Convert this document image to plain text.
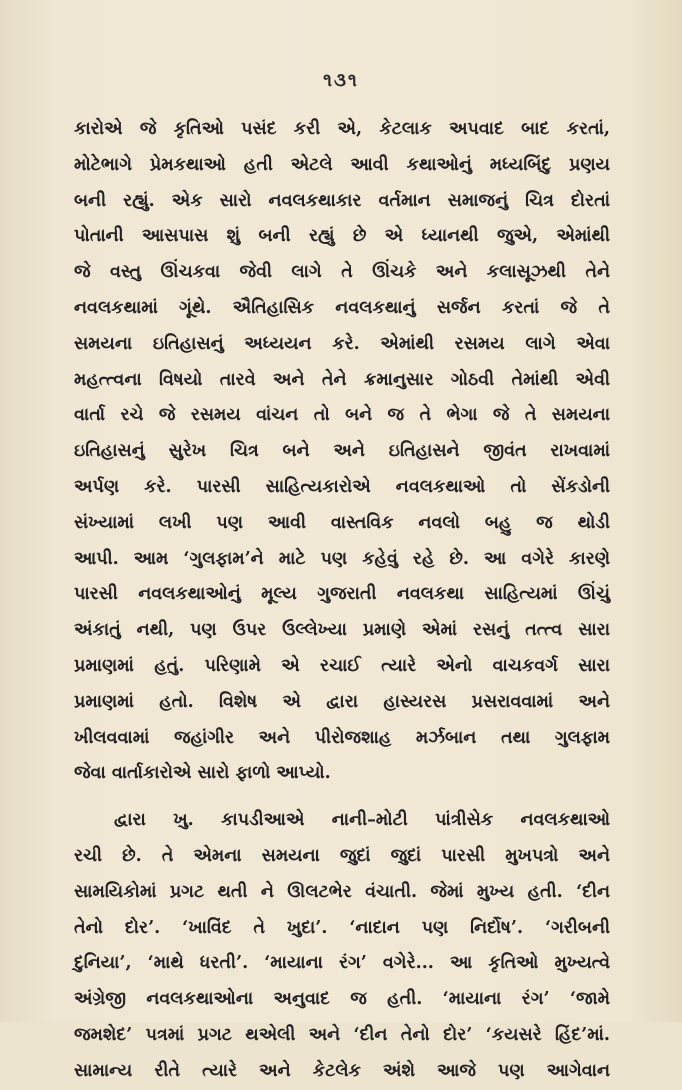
૧૩૧
કારોએ જે કૃતિઓ પસંદ કરી એ, કેટલાક અપવાદ બાદ કરતાં,
મોટેભાગે પ્રેમકથાઓ હતી એટલે આવી કથાઓનું મધ્યબિંદુ પ્રણય
બની રહ્યું. એક સારો નવલકથાકાર વર્તમાન સમાજનું ચિત્ર દોરતાં
પોતાની આસપાસ શું બની રહ્યું છે એ ધ્યાનથી જુએ, એમાંથી
જે વસ્તુ ઊંચકવા જેવી લાગે તે ઊંચકે અને કલાસૂઝથી તેને
નવલકથામાં ગૂંથે. ઐતિહાસિક નવલકથાનું સર્જન કરતાં જે તે
સમયના ઇતિહાસનું અધ્યયન કરે. એમાંથી રસમય લાગે એવા
મહત્ત્વના વિષયો તારવે અને તેને ક્રમાનુસાર ગોઠવી તેમાંથી એવી
વાર્તા રચે જે રસમય વાંચન તો બને જ તે ભેગા જે તે સમયના
ઇતિહાસનું સુરેખ ચિત્ર બને અને ઇતિહાસને જીવંત રાખવામાં
અર્પણ કરે. પારસી સાહિત્યકારોએ નવલકથાઓ તો સેંકડોની
સંખ્યામાં લખી પણ આવી વાસ્તવિક નવલો બહુ જ થોડી
આપી. આમ ‘ગુલફામ’ને માટે પણ કહેવું રહે છે. આ વગેરે કારણે
પારસી નવલકથાઓનું મૂલ્ય ગુજરાતી નવલકથા સાહિત્યમાં ઊંચું
અંકાતું નથી, પણ ઉપર ઉલ્લેખ્યા પ્રમાણે એમાં રસનું તત્ત્વ સારા
પ્રમાણમાં હતું. પરિણામે એ રચાઈ ત્યારે એનો વાચકવર્ગ સારા
પ્રમાણમાં હતો. વિશેષ એ દ્વારા હાસ્યરસ પ્રસરાવવામાં અને
ખીલવવામાં જહાંગીર અને પીરોજશાહ મર્ઝબાન તથા ગુલફામ
જેવા વાર્તાકારોએ સારો ફાળો આપ્યો.
દ્વારા ખુ. કાપડીઆએ નાની–મોટી પાંત્રીસેક નવલકથાઓ
રચી છે. તે એમના સમયના જુદાં જુદાં પારસી મુખપત્રો અને
સામયિકોમાં પ્રગટ થતી ને ઊલટભેર વંચાતી. જેમાં મુખ્ય હતી. ‘દીન
તેનો દોર’. ‘ખાવિંદ તે ખુદા’. ‘નાદાન પણ નિર્દોષ’. ‘ગરીબની
દુનિયા’, ‘માથે ધરતી’. ‘માયાના રંગ’ વગેરે... આ કૃતિઓ મુખ્યત્વે
અંગ્રેજી નવલકથાઓના અનુવાદ જ હતી. ‘માયાના રંગ’ ‘જામે
જમશેદ’ પત્રમાં પ્રગટ થએલી અને ‘દીન તેનો દોર’ ‘કયસરે હિંદ’માં.
સામાન્ય રીતે ત્યારે અને કેટલેક અંશે આજે પણ આગેવાન
